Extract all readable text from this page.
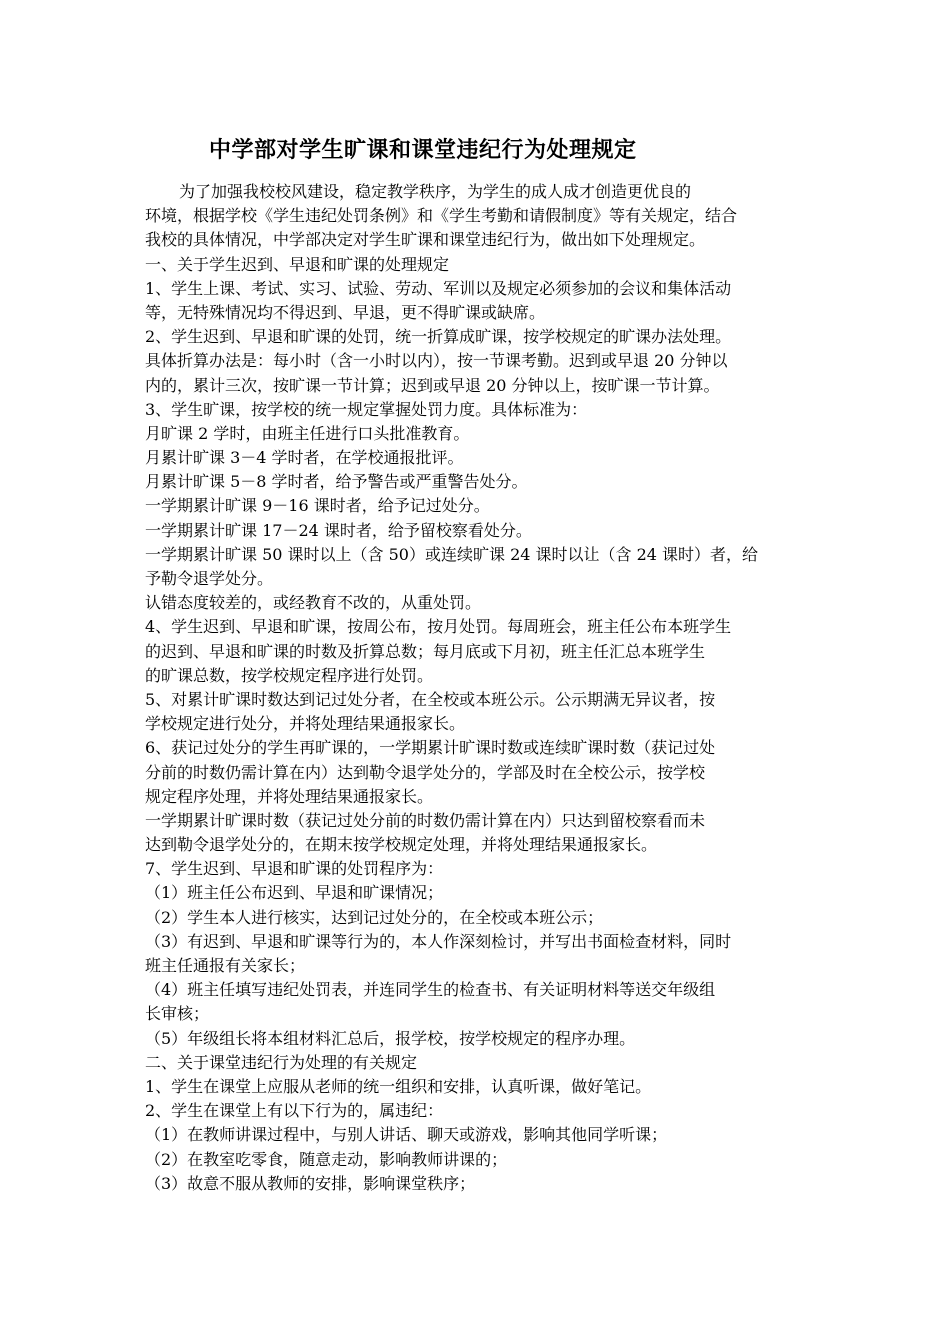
中学部对学生旷课和课堂违纪行为处理规定
为了加强我校校风建设，稳定教学秩序，为学生的成人成才创造更优良的
环境，根据学校《学生违纪处罚条例》和《学生考勤和请假制度》等有关规定，结合
我校的具体情况，中学部决定对学生旷课和课堂违纪行为，做出如下处理规定。
一、关于学生迟到、早退和旷课的处理规定
1、学生上课、考试、实习、试验、劳动、军训以及规定必须参加的会议和集体活动
等，无特殊情况均不得迟到、早退，更不得旷课或缺席。
2、学生迟到、早退和旷课的处罚，统一折算成旷课，按学校规定的旷课办法处理。
具体折算办法是：每小时（含一小时以内），按一节课考勤。迟到或早退 20 分钟以
内的，累计三次，按旷课一节计算；迟到或早退 20 分钟以上，按旷课一节计算。
3、学生旷课，按学校的统一规定掌握处罚力度。具体标准为：
月旷课 2 学时，由班主任进行口头批准教育。
月累计旷课 3－4 学时者，在学校通报批评。
月累计旷课 5－8 学时者，给予警告或严重警告处分。
一学期累计旷课 9－16 课时者，给予记过处分。
一学期累计旷课 17－24 课时者，给予留校察看处分。
一学期累计旷课 50 课时以上（含 50）或连续旷课 24 课时以让（含 24 课时）者，给
予勒令退学处分。
认错态度较差的，或经教育不改的，从重处罚。
4、学生迟到、早退和旷课，按周公布，按月处罚。每周班会，班主任公布本班学生
的迟到、早退和旷课的时数及折算总数；每月底或下月初，班主任汇总本班学生
的旷课总数，按学校规定程序进行处罚。
5、对累计旷课时数达到记过处分者，在全校或本班公示。公示期满无异议者，按
学校规定进行处分，并将处理结果通报家长。
6、获记过处分的学生再旷课的，一学期累计旷课时数或连续旷课时数（获记过处
分前的时数仍需计算在内）达到勒令退学处分的，学部及时在全校公示，按学校
规定程序处理，并将处理结果通报家长。
一学期累计旷课时数（获记过处分前的时数仍需计算在内）只达到留校察看而未
达到勒令退学处分的，在期末按学校规定处理，并将处理结果通报家长。
7、学生迟到、早退和旷课的处罚程序为：
（1）班主任公布迟到、早退和旷课情况；
（2）学生本人进行核实，达到记过处分的，在全校或本班公示；
（3）有迟到、早退和旷课等行为的，本人作深刻检讨，并写出书面检查材料，同时
班主任通报有关家长；
（4）班主任填写违纪处罚表，并连同学生的检查书、有关证明材料等送交年级组
长审核；
（5）年级组长将本组材料汇总后，报学校，按学校规定的程序办理。
二、关于课堂违纪行为处理的有关规定
1、学生在课堂上应服从老师的统一组织和安排，认真听课，做好笔记。
2、学生在课堂上有以下行为的，属违纪：
（1）在教师讲课过程中，与别人讲话、聊天或游戏，影响其他同学听课；
（2）在教室吃零食，随意走动，影响教师讲课的；
（3）故意不服从教师的安排，影响课堂秩序；
